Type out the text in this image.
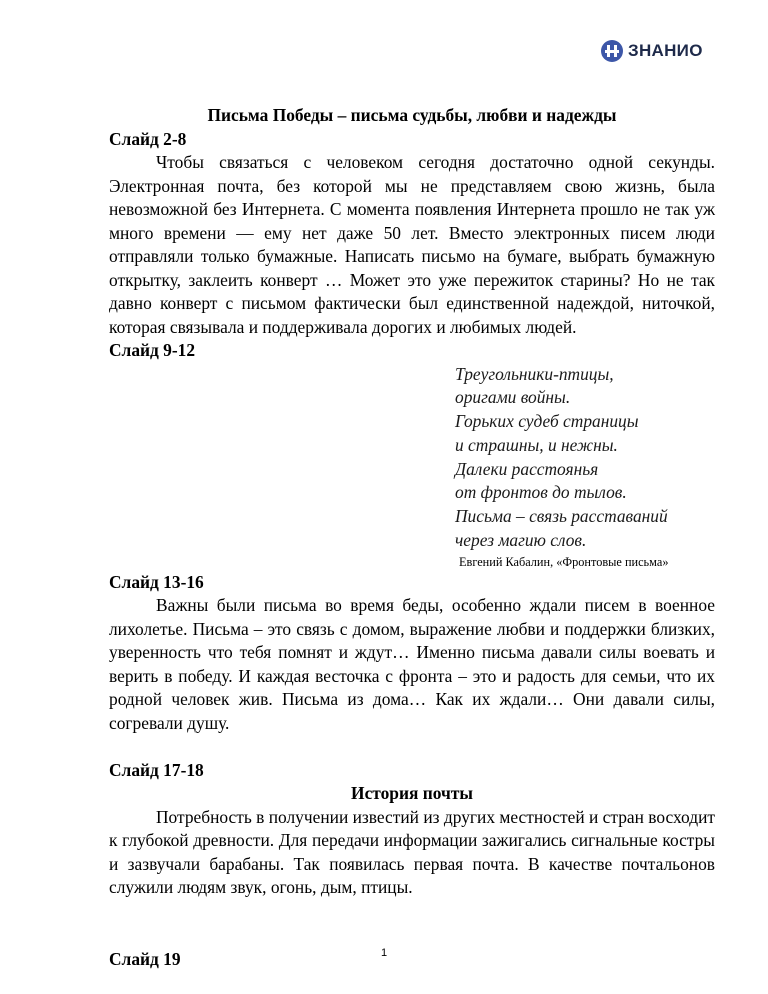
ЗНАНИО

Письма Победы – письма судьбы, любви и надежды

Слайд 2-8

Чтобы связаться с человеком сегодня достаточно одной секунды. Электронная почта, без которой мы не представляем свою жизнь, была невозможной без Интернета. С момента появления Интернета прошло не так уж много времени — ему нет даже 50 лет. Вместо электронных писем люди отправляли только бумажные. Написать письмо на бумаге, выбрать бумажную открытку, заклеить конверт … Может это уже пережиток старины? Но не так давно конверт с письмом фактически был единственной надеждой, ниточкой, которая связывала и поддерживала дорогих и любимых людей.

Слайд 9-12

Треугольники-птицы,

оригами войны.

Горьких судеб страницы

и страшны, и нежны.

Далеки расстоянья

от фронтов до тылов.

Письма – связь расставаний

через магию слов.

Евгений Кабалин, «Фронтовые письма»

Слайд 13-16

Важны были письма во время беды, особенно ждали писем в военное лихолетье. Письма – это связь с домом, выражение любви и поддержки близких, уверенность что тебя помнят и ждут… Именно письма давали силы воевать и верить в победу. И каждая весточка с фронта – это и радость для семьи, что их родной человек жив. Письма из дома… Как их ждали… Они давали силы, согревали душу.

Слайд 17-18

История почты

Потребность в получении известий из других местностей и стран восходит к глубокой древности. Для передачи информации зажигались сигнальные костры и зазвучали барабаны. Так появилась первая почта. В качестве почтальонов служили людям звук, огонь, дым, птицы.

Слайд 19	1
